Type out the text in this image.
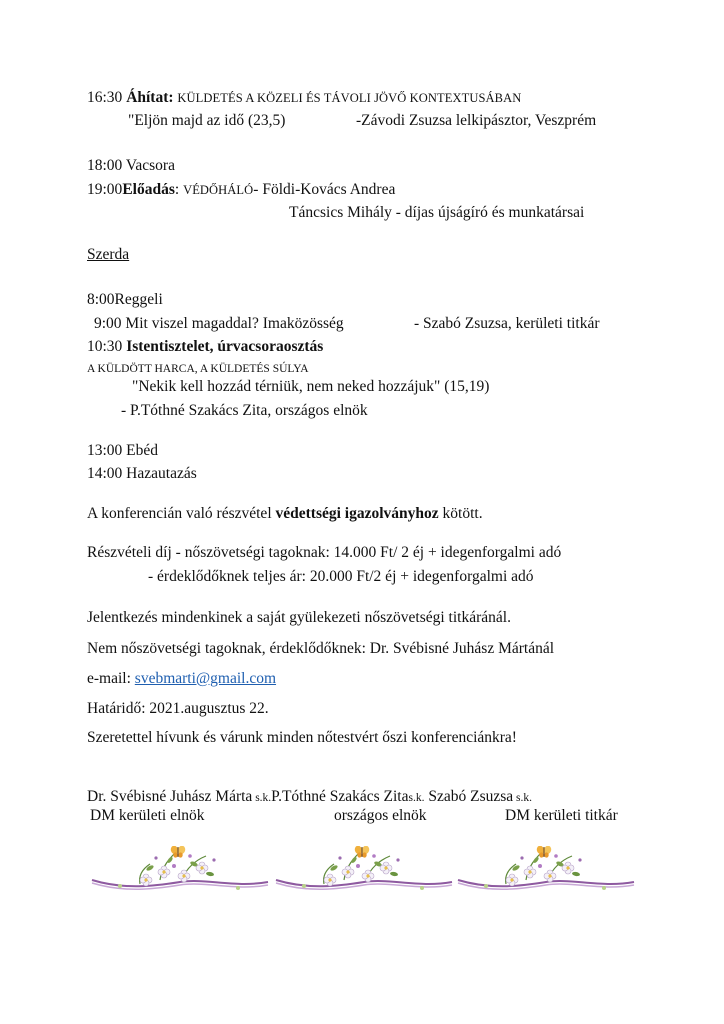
16:30 Áhítat: KÜLDETÉS A KÖZELI ÉS TÁVOLI JÖVŐ KONTEXTUSÁBAN
"Eljön majd az idő (23,5)	-Závodi Zsuzsa lelkipásztor, Veszprém
18:00 Vacsora
19:00Előadás: VÉDŐHÁLÓ- Földi-Kovács Andrea
Táncsics Mihály - díjas újságíró és munkatársai
Szerda
8:00Reggeli
9:00 Mit viszel magaddal? Imaközösség	- Szabó Zsuzsa, kerületi titkár
10:30 Istentisztelet, úrvacsoraosztás
A KÜLDÖTT HARCA, A KÜLDETÉS SÚLYA
"Nekik kell hozzád térniük, nem neked hozzájuk" (15,19)
- P.Tóthné Szakács Zita, országos elnök
13:00 Ebéd
14:00 Hazautazás
A konferencián való részvétel védettségi igazolványhoz kötött.
Részvételi díj - nőszövetségi tagoknak: 14.000 Ft/ 2 éj + idegenforgalmi adó
- érdeklődőknek teljes ár: 20.000 Ft/2 éj + idegenforgalmi adó
Jelentkezés mindenkinek a saját gyülekezeti nőszövetségi titkáránál.
Nem nőszövetségi tagoknak, érdeklődőknek: Dr. Svébisné Juhász Mártánál
e-mail: svebmarti@gmail.com
Határidő: 2021.augusztus 22.
Szeretettel hívunk és várunk minden nőtestvért őszi konferenciánkra!
Dr. Svébisné Juhász Márta s.k.P.Tóthné Szakács Zitas.k. Szabó Zsuzsa s.k.
DM kerületi elnök	országos elnök	DM kerületi titkár
